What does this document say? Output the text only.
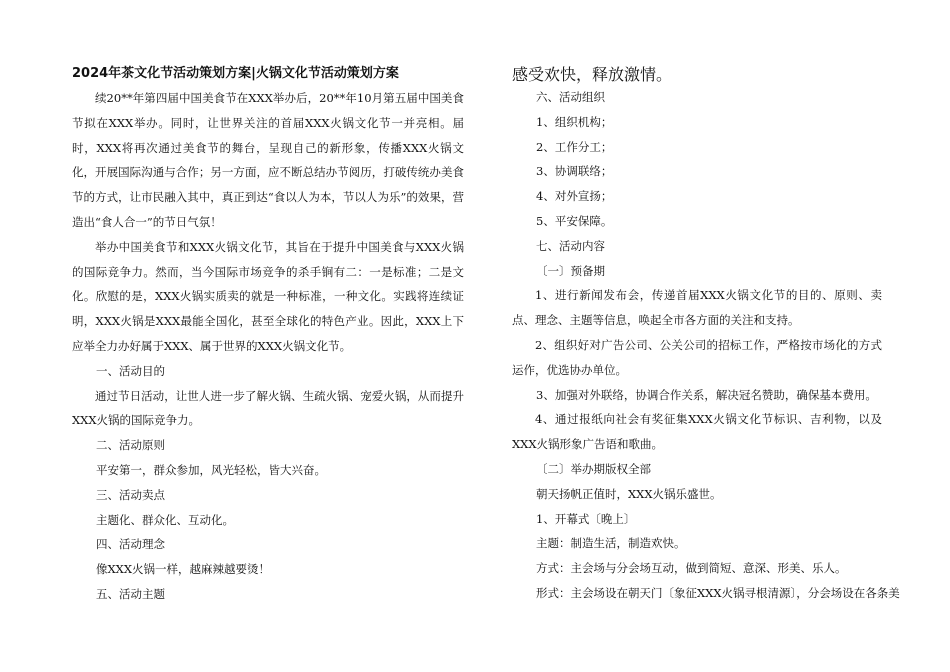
2024年茶文化节活动策划方案|火锅文化节活动策划方案
续20**年第四届中国美食节在XXX举办后，20**年10月第五届中国美食节拟在XXX举办。同时，让世界关注的首届XXX火锅文化节一并亮相。届时，XXX将再次通过美食节的舞台，呈现自己的新形象，传播XXX火锅文化，开展国际沟通与合作；另一方面，应不断总结办节阅历，打破传统办美食节的方式，让市民融入其中，真正到达“食以人为本，节以人为乐”的效果，营造出“食人合一”的节日气氛！
举办中国美食节和XXX火锅文化节，其旨在于提升中国美食与XXX火锅的国际竞争力。然而，当今国际市场竞争的杀手锏有二：一是标准；二是文化。欣慰的是，XXX火锅实质卖的就是一种标准，一种文化。实践将连续证明，XXX火锅是XXX最能全国化，甚至全球化的特色产业。因此，XXX上下应举全力办好属于XXX、属于世界的XXX火锅文化节。
一、活动目的
通过节日活动，让世人进一步了解火锅、生疏火锅、宠爱火锅，从而提升XXX火锅的国际竞争力。
二、活动原则
平安第一，群众参加，风光轻松，皆大兴奋。
三、活动卖点
主题化、群众化、互动化。
四、活动理念
像XXX火锅一样，越麻辣越要烫！
五、活动主题
感受欢快，释放激情。
六、活动组织
1、组织机构；
2、工作分工；
3、协调联络；
4、对外宣扬；
5、平安保障。
七、活动内容
〔一〕预备期
1、进行新闻发布会，传递首届XXX火锅文化节的目的、原则、卖点、理念、主题等信息，唤起全市各方面的关注和支持。
2、组织好对广告公司、公关公司的招标工作，严格按市场化的方式运作，优选协办单位。
3、加强对外联络，协调合作关系，解决冠名赞助，确保基本费用。
4、通过报纸向社会有奖征集XXX火锅文化节标识、吉利物，以及XXX火锅形象广告语和歌曲。
〔二〕举办期版权全部
朝天扬帆正值时，XXX火锅乐盛世。
1、开幕式〔晚上〕
主题：制造生活，制造欢快。
方式：主会场与分会场互动，做到简短、意深、形美、乐人。
形式：主会场设在朝天门〔象征XXX火锅寻根清源〕，分会场设在各条美
